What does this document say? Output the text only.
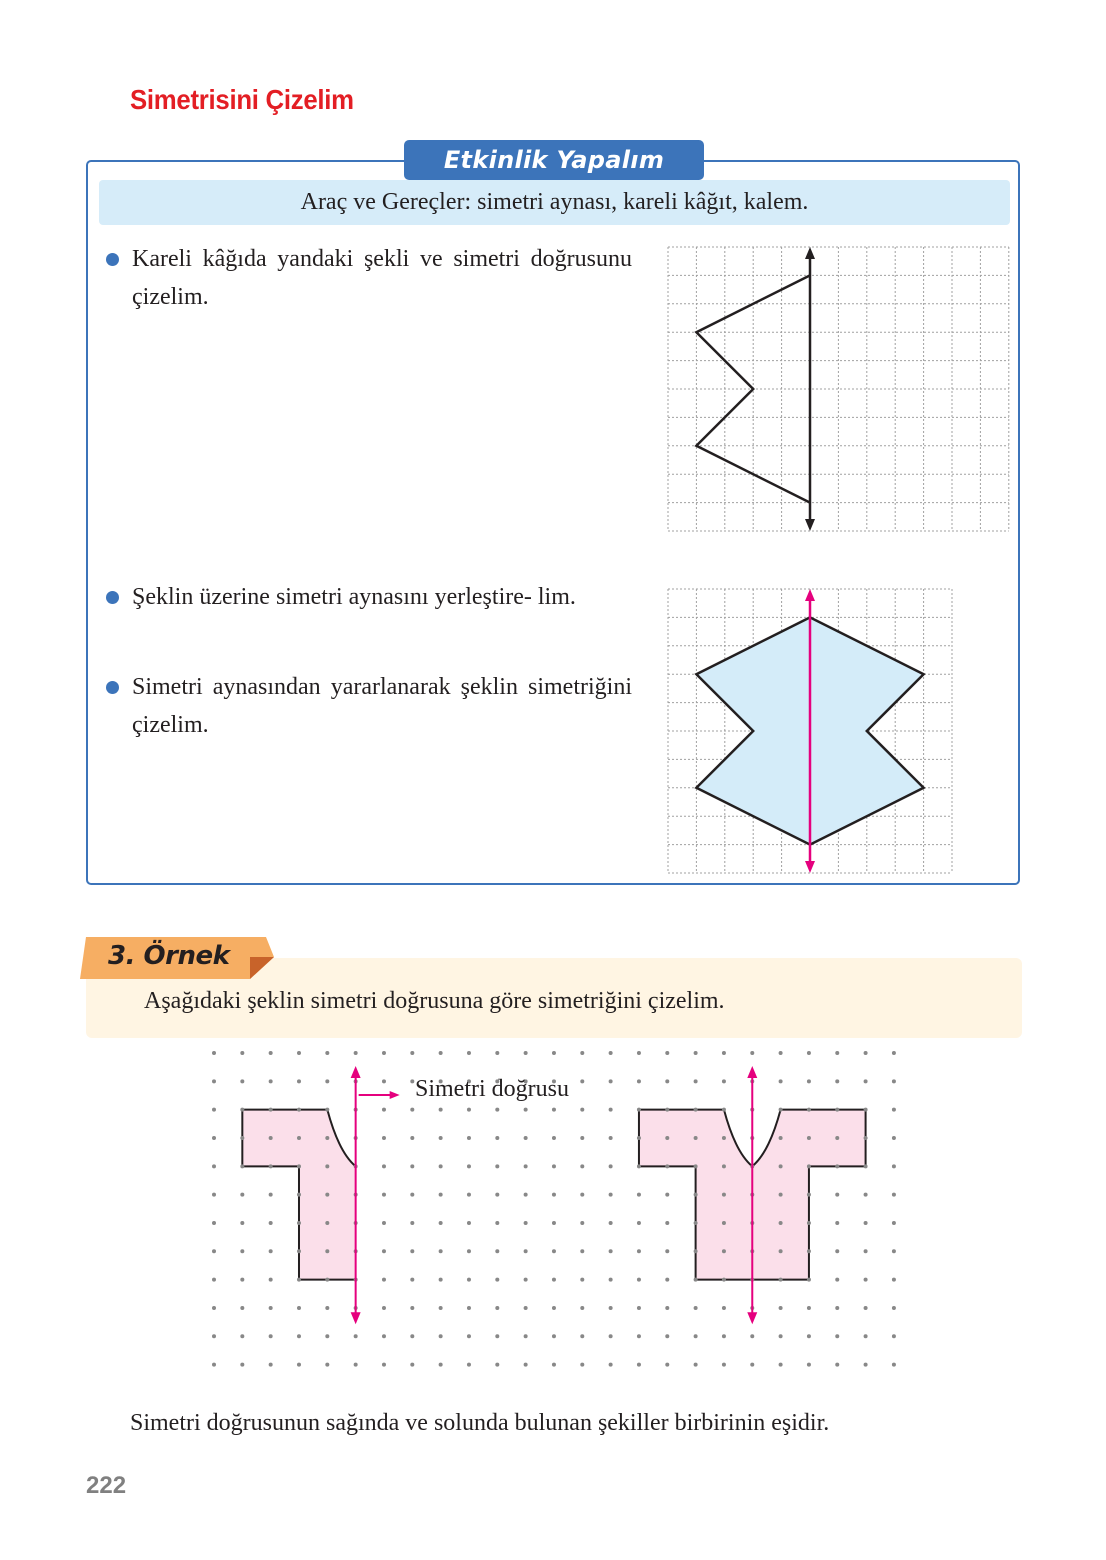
Simetrisini Çizelim
Etkinlik Yapalım
Araç ve Gereçler: simetri aynası, kareli kâğıt, kalem.
Kareli kâğıda yandaki şekli ve simetri doğrusunu çizelim.
Şeklin üzerine simetri aynasını yerleştire- lim.
Simetri aynasından yararlanarak şeklin simetriğini çizelim.
3. Örnek
Aşağıdaki şeklin simetri doğrusuna göre simetriğini çizelim.
Simetri doğrusu
Simetri doğrusunun sağında ve solunda bulunan şekiller birbirinin eşidir.
222
